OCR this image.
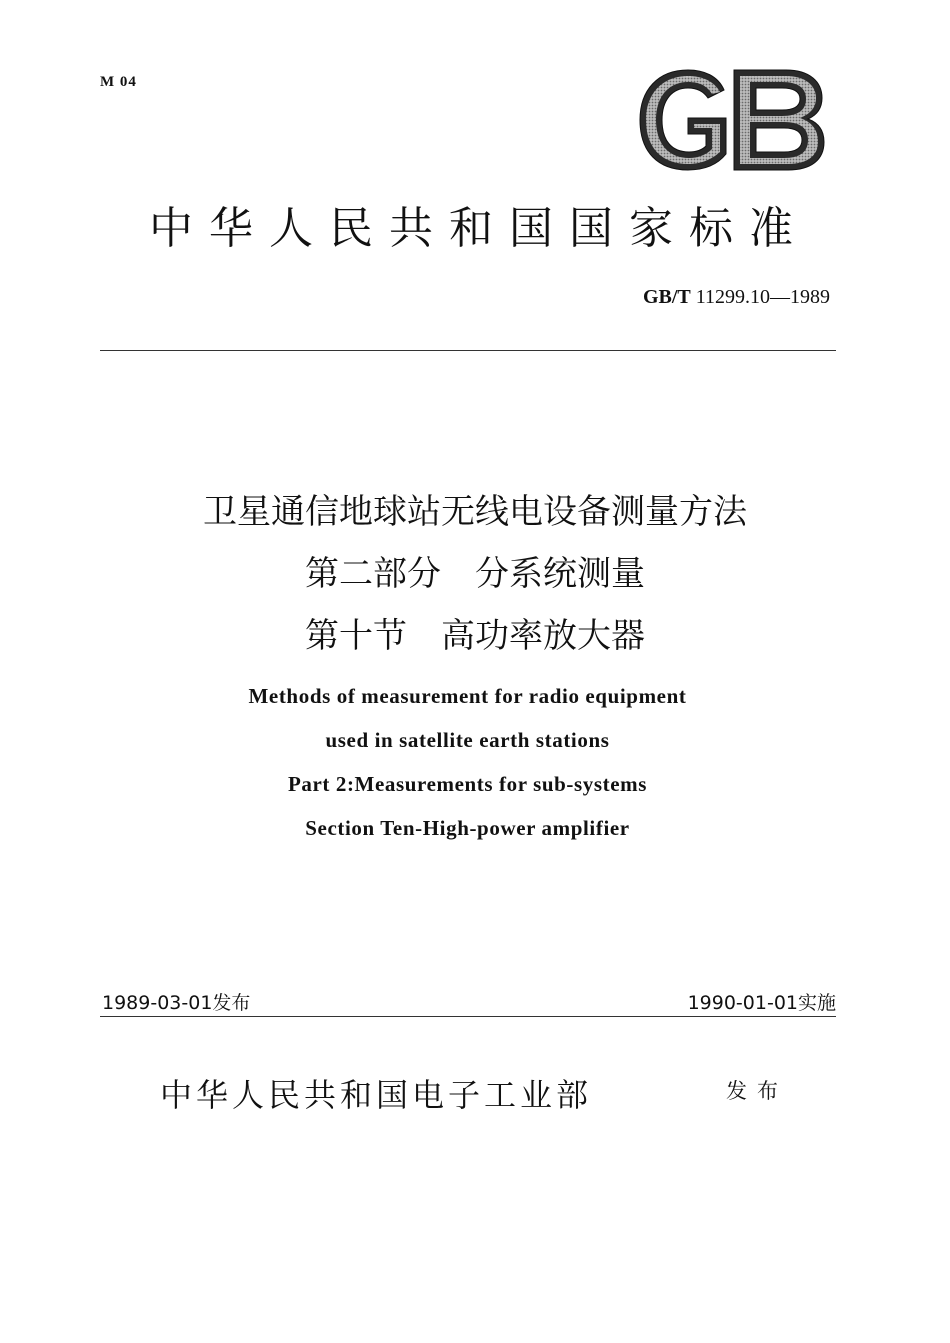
M 04
GB
中华人民共和国国家标准
GB/T 11299.10—1989
卫星通信地球站无线电设备测量方法
第二部分　分系统测量
第十节　高功率放大器
Methods of measurement for radio equipment
used in satellite earth stations
Part 2:Measurements for sub-systems
Section Ten-High-power amplifier
1989-03-01发布	1990-01-01实施
中华人民共和国电子工业部	发布
